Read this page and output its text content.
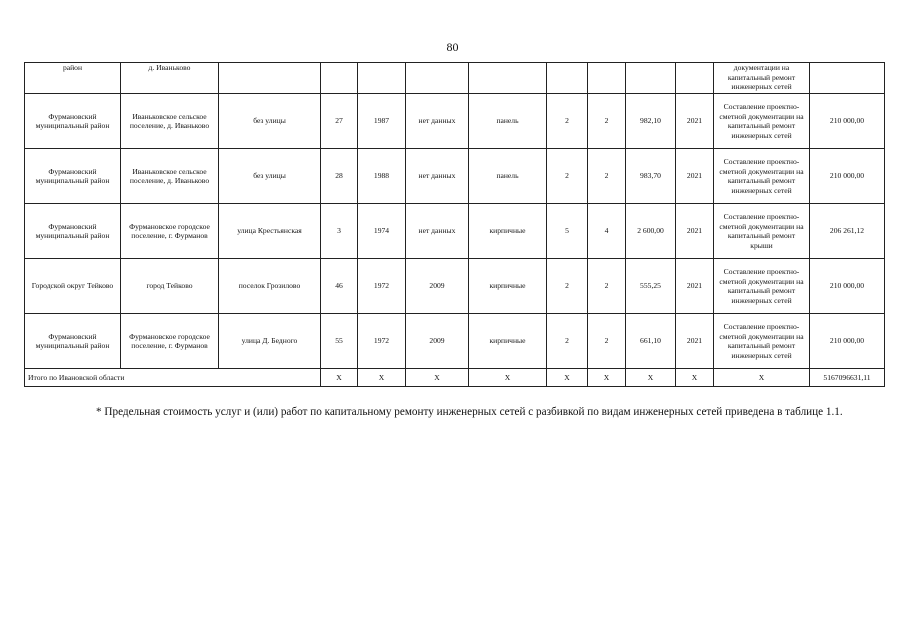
80
район	д. Иваньково										документации на капитальный ремонт инженерных сетей	
Фурмановский муниципальный район	Иваньковское сельское поселение, д. Иваньково	без улицы	27	1987	нет данных	панель	2	2	982,10	2021	Составление проектно-сметной документации на капитальный ремонт инженерных сетей	210 000,00
Фурмановский муниципальный район	Иваньковское сельское поселение, д. Иваньково	без улицы	28	1988	нет данных	панель	2	2	983,70	2021	Составление проектно-сметной документации на капитальный ремонт инженерных сетей	210 000,00
Фурмановский муниципальный район	Фурмановское городское поселение, г. Фурманов	улица Крестьянская	3	1974	нет данных	кирпичные	5	4	2 600,00	2021	Составление проектно-сметной документации на капитальный ремонт крыши	206 261,12
Городской округ Тейково	город Тейково	поселок Грозилово	46	1972	2009	кирпичные	2	2	555,25	2021	Составление проектно-сметной документации на капитальный ремонт инженерных сетей	210 000,00
Фурмановский муниципальный район	Фурмановское городское поселение, г. Фурманов	улица Д. Бедного	55	1972	2009	кирпичные	2	2	661,10	2021	Составление проектно-сметной документации на капитальный ремонт инженерных сетей	210 000,00
Итого по Ивановской области			Х	Х	Х	Х	Х	Х	Х	Х	Х	5167096631,11

* Предельная стоимость услуг и (или) работ по капитальному ремонту инженерных сетей с разбивкой по видам инженерных сетей приведена в таблице 1.1.
